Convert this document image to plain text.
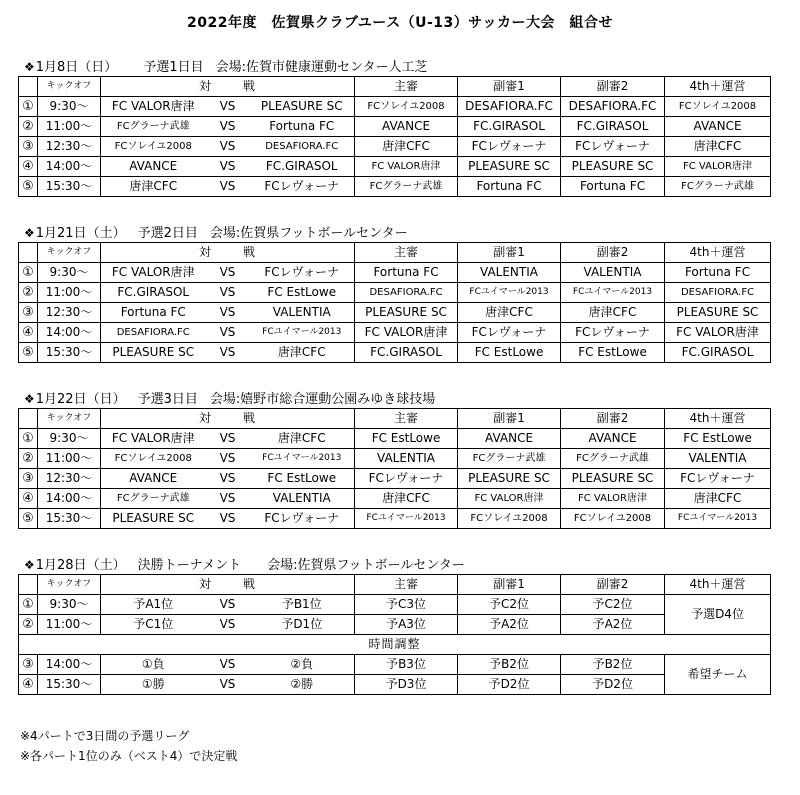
2022年度　佐賀県クラブユース（U-13）サッカー大会　組合せ
❖1月8日（日） 予選1日目 会場:佐賀市健康運動センター人工芝
	キックオフ	対　戦			主審	副審1	副審2	4th＋運営
①	9:30～	FC VALOR唐津	VS	PLEASURE SC	FCソレイユ2008	DESAFIORA.FC	DESAFIORA.FC	FCソレイユ2008
②	11:00～	FCグラーナ武雄	VS	Fortuna FC	AVANCE	FC.GIRASOL	FC.GIRASOL	AVANCE
③	12:30～	FCソレイユ2008	VS	DESAFIORA.FC	唐津CFC	FCレヴォーナ	FCレヴォーナ	唐津CFC
④	14:00～	AVANCE	VS	FC.GIRASOL	FC VALOR唐津	PLEASURE SC	PLEASURE SC	FC VALOR唐津
⑤	15:30～	唐津CFC	VS	FCレヴォーナ	FCグラーナ武雄	Fortuna FC	Fortuna FC	FCグラーナ武雄
❖1月21日（土） 予選2日目 会場:佐賀県フットボールセンター
	キックオフ	対　戦			主審	副審1	副審2	4th＋運営
①	9:30～	FC VALOR唐津	VS	FCレヴォーナ	Fortuna FC	VALENTIA	VALENTIA	Fortuna FC
②	11:00～	FC.GIRASOL	VS	FC EstLowe	DESAFIORA.FC	FCユイマール2013	FCユイマール2013	DESAFIORA.FC
③	12:30～	Fortuna FC	VS	VALENTIA	PLEASURE SC	唐津CFC	唐津CFC	PLEASURE SC
④	14:00～	DESAFIORA.FC	VS	FCユイマール2013	FC VALOR唐津	FCレヴォーナ	FCレヴォーナ	FC VALOR唐津
⑤	15:30～	PLEASURE SC	VS	唐津CFC	FC.GIRASOL	FC EstLowe	FC EstLowe	FC.GIRASOL
❖1月22日（日） 予選3日目 会場:嬉野市総合運動公園みゆき球技場
	キックオフ	対　戦			主審	副審1	副審2	4th＋運営
①	9:30～	FC VALOR唐津	VS	唐津CFC	FC EstLowe	AVANCE	AVANCE	FC EstLowe
②	11:00～	FCソレイユ2008	VS	FCユイマール2013	VALENTIA	FCグラーナ武雄	FCグラーナ武雄	VALENTIA
③	12:30～	AVANCE	VS	FC EstLowe	FCレヴォーナ	PLEASURE SC	PLEASURE SC	FCレヴォーナ
④	14:00～	FCグラーナ武雄	VS	VALENTIA	唐津CFC	FC VALOR唐津	FC VALOR唐津	唐津CFC
⑤	15:30～	PLEASURE SC	VS	FCレヴォーナ	FCユイマール2013	FCソレイユ2008	FCソレイユ2008	FCユイマール2013
❖1月28日（土） 決勝トーナメント 会場:佐賀県フットボールセンター
	キックオフ	対　戦			主審	副審1	副審2	4th＋運営
①	9:30～	予A1位	VS	予B1位	予C3位	予C2位	予C2位	予選D4位
②	11:00～	予C1位	VS	予D1位	予A3位	予A2位	予A2位	
時間調整								
③	14:00～	①負	VS	②負	予B3位	予B2位	予B2位	希望チーム
④	15:30～	①勝	VS	②勝	予D3位	予D2位	予D2位	
※4パートで3日間の予選リーグ
※各パート1位のみ（ベスト4）で決定戦
